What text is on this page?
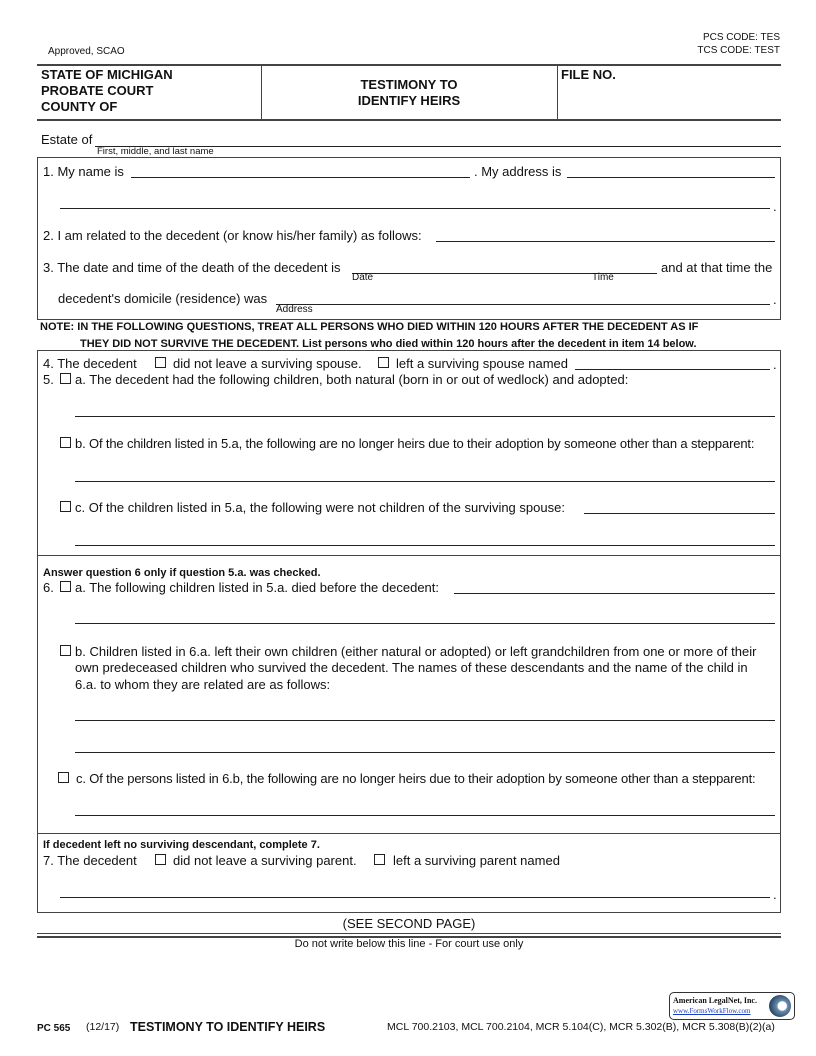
Approved, SCAO
PCS CODE: TES
TCS CODE: TEST
STATE OF MICHIGAN
PROBATE COURT
COUNTY OF
TESTIMONY TO
IDENTIFY HEIRS
FILE NO.
Estate of
First, middle, and last name
1. My name is	. My address is
.
2. I am related to the decedent (or know his/her family) as follows:
3. The date and time of the death of the decedent is	and at that time the
Date	Time
decedent's domicile (residence) was	.
Address
NOTE: IN THE FOLLOWING QUESTIONS, TREAT ALL PERSONS WHO DIED WITHIN 120 HOURS AFTER THE DECEDENT AS IF
THEY DID NOT SURVIVE THE DECEDENT. List persons who died within 120 hours after the decedent in item 14 below.
4. The decedent	did not leave a surviving spouse.	left a surviving spouse named	.
5. a. The decedent had the following children, both natural (born in or out of wedlock) and adopted:
b. Of the children listed in 5.a, the following are no longer heirs due to their adoption by someone other than a stepparent:
c. Of the children listed in 5.a, the following were not children of the surviving spouse:
Answer question 6 only if question 5.a. was checked.
6. a. The following children listed in 5.a. died before the decedent:
b. Children listed in 6.a. left their own children (either natural or adopted) or left grandchildren from one or more of their
own predeceased children who survived the decedent. The names of these descendants and the name of the child in
6.a. to whom they are related are as follows:
c. Of the persons listed in 6.b, the following are no longer heirs due to their adoption by someone other than a stepparent:
If decedent left no surviving descendant, complete 7.
7. The decedent	did not leave a surviving parent.	left a surviving parent named
.
(SEE SECOND PAGE)
Do not write below this line - For court use only
American LegalNet, Inc.
www.FormsWorkFlow.com
PC 565 (12/17) TESTIMONY TO IDENTIFY HEIRS	MCL 700.2103, MCL 700.2104, MCR 5.104(C), MCR 5.302(B), MCR 5.308(B)(2)(a)
